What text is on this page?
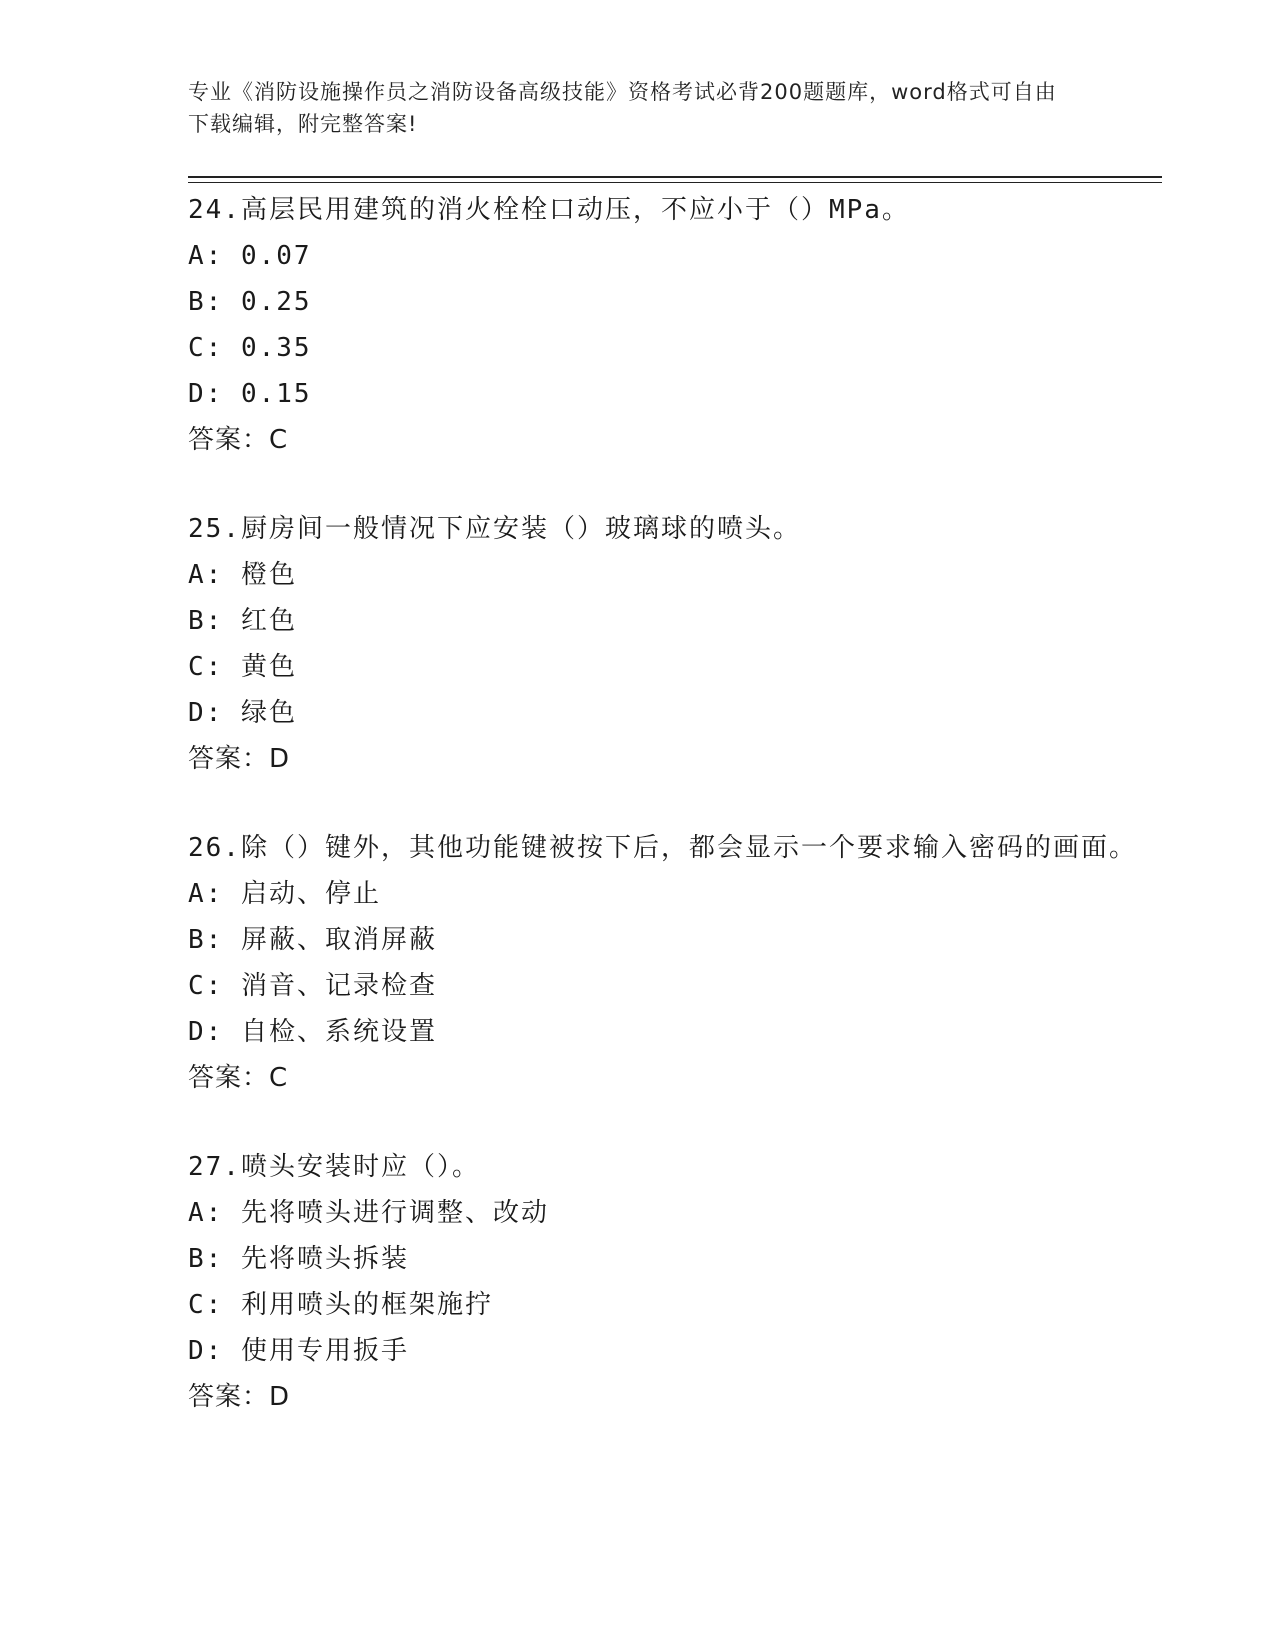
专业《消防设施操作员之消防设备高级技能》资格考试必背200题题库，word格式可自由下载编辑，附完整答案!

24.高层民用建筑的消火栓栓口动压，不应小于（）MPa。

A: 0.07

B: 0.25

C: 0.35

D: 0.15

答案：C

25.厨房间一般情况下应安装（）玻璃球的喷头。

A: 橙色

B: 红色

C: 黄色

D: 绿色

答案：D

26.除（）键外，其他功能键被按下后，都会显示一个要求输入密码的画面。

A: 启动、停止

B: 屏蔽、取消屏蔽

C: 消音、记录检查

D: 自检、系统设置

答案：C

27.喷头安装时应（）。

A: 先将喷头进行调整、改动

B: 先将喷头拆装

C: 利用喷头的框架施拧

D: 使用专用扳手

答案：D
